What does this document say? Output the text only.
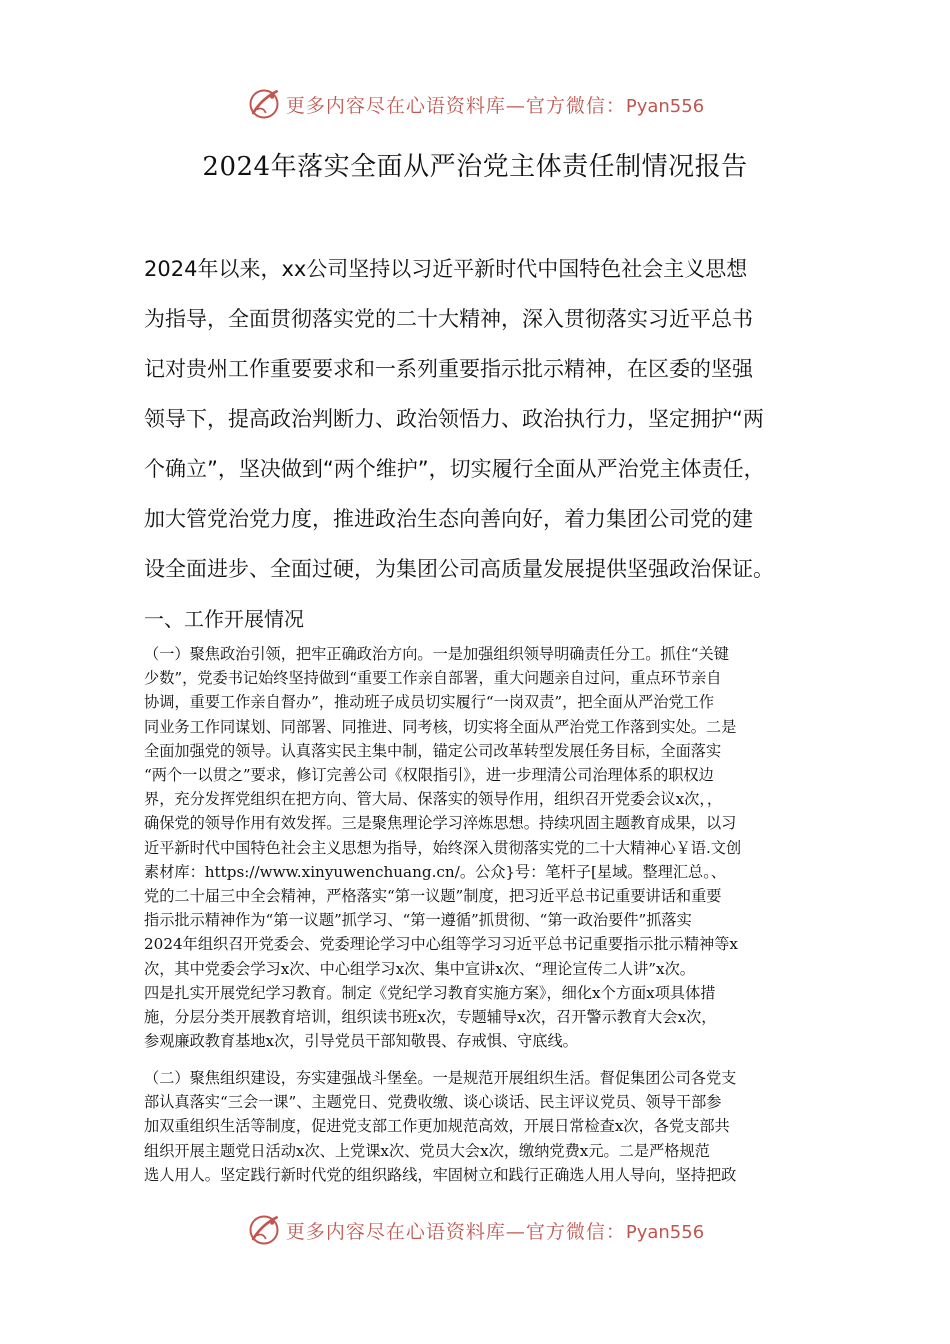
更多内容尽在心语资料库—官方微信：Pyan556
2024年落实全面从严治党主体责任制情况报告
2024年以来，xx公司坚持以习近平新时代中国特色社会主义思想
为指导，全面贯彻落实党的二十大精神，深入贯彻落实习近平总书
记对贵州工作重要要求和一系列重要指示批示精神，在区委的坚强
领导下，提高政治判断力、政治领悟力、政治执行力，坚定拥护“两
个确立”，坚决做到“两个维护”，切实履行全面从严治党主体责任，
加大管党治党力度，推进政治生态向善向好，着力集团公司党的建
设全面进步、全面过硬，为集团公司高质量发展提供坚强政治保证。
一、工作开展情况
（一）聚焦政治引领，把牢正确政治方向。一是加强组织领导明确责任分工。抓住“关键
少数”，党委书记始终坚持做到“重要工作亲自部署，重大问题亲自过问，重点环节亲自
协调，重要工作亲自督办”，推动班子成员切实履行“一岗双责”，把全面从严治党工作
同业务工作同谋划、同部署、同推进、同考核，切实将全面从严治党工作落到实处。二是
全面加强党的领导。认真落实民主集中制，锚定公司改革转型发展任务目标，全面落实
“两个一以贯之”要求，修订完善公司《权限指引》，进一步理清公司治理体系的职权边
界，充分发挥党组织在把方向、管大局、保落实的领导作用，组织召开党委会议x次，，
确保党的领导作用有效发挥。三是聚焦理论学习淬炼思想。持续巩固主题教育成果，以习
近平新时代中国特色社会主义思想为指导，始终深入贯彻落实党的二十大精神心￥语.文创
素材库：https://www.xinyuwenchuang.cn/。公众}号：笔杆子[星域。整理汇总。、
党的二十届三中全会精神，严格落实“第一议题”制度，把习近平总书记重要讲话和重要
指示批示精神作为“第一议题”抓学习、“第一遵循”抓贯彻、“第一政治要件”抓落实
2024年组织召开党委会、党委理论学习中心组等学习习近平总书记重要指示批示精神等x
次，其中党委会学习x次、中心组学习x次、集中宣讲x次、“理论宣传二人讲”x次。
四是扎实开展党纪学习教育。制定《党纪学习教育实施方案》，细化x个方面x项具体措
施，分层分类开展教育培训，组织读书班x次，专题辅导x次，召开警示教育大会x次，
参观廉政教育基地x次，引导党员干部知敬畏、存戒惧、守底线。
（二）聚焦组织建设，夯实建强战斗堡垒。一是规范开展组织生活。督促集团公司各党支
部认真落实“三会一课”、主题党日、党费收缴、谈心谈话、民主评议党员、领导干部参
加双重组织生活等制度，促进党支部工作更加规范高效，开展日常检查x次，各党支部共
组织开展主题党日活动x次、上党课x次、党员大会x次，缴纳党费x元。二是严格规范
选人用人。坚定践行新时代党的组织路线，牢固树立和践行正确选人用人导向，坚持把政
更多内容尽在心语资料库—官方微信：Pyan556
